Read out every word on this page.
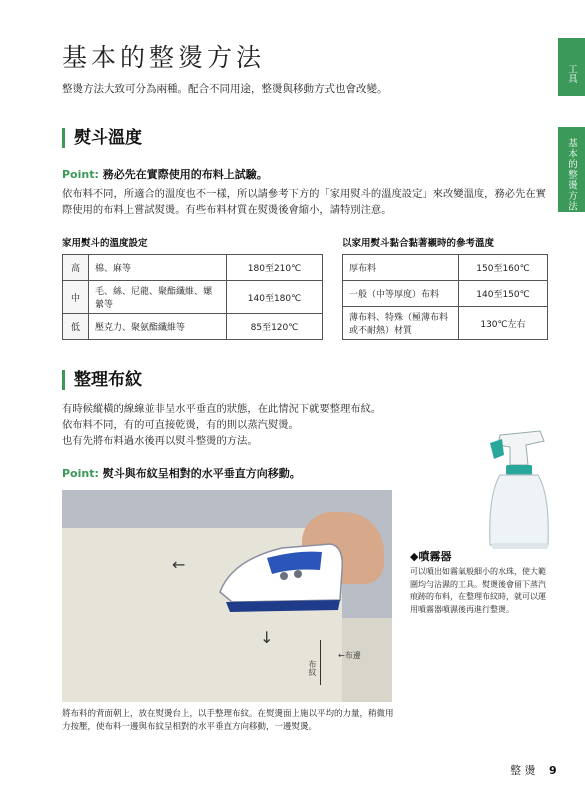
基本的整燙方法
整燙方法大致可分為兩種。配合不同用途，整燙與移動方式也會改變。
工具
基本的整燙方法
熨斗溫度
Point: 務必先在實際使用的布料上試驗。
依布料不同，所適合的溫度也不一樣，所以請參考下方的「家用熨斗的溫度設定」來改變溫度，務必先在實際使用的布料上嘗試熨燙。有些布料材質在熨燙後會縮小，請特別注意。
家用熨斗的溫度設定
高	棉、麻等	180至210℃
中	毛、絲、尼龍、聚酯纖維、嫘縈等	140至180℃
低	壓克力、聚氨酯纖維等	85至120℃
以家用熨斗黏合黏著襯時的參考溫度
厚布料	150至160℃
一般（中等厚度）布料	140至150℃
薄布料、特殊（極薄布料或不耐熱）材質	130℃左右
整理布紋
有時候縱橫的線線並非呈水平垂直的狀態，在此情況下就要整理布紋。
依布料不同，有的可直接乾燙，有的則以蒸汽熨燙。
也有先將布料過水後再以熨斗整燙的方法。
Point: 熨斗與布紋呈相對的水平垂直方向移動。
←
↓
布紋
←布邊
將布料的背面朝上，放在熨燙台上，以手整理布紋。在熨燙面上施以平均的力量，稍微用力按壓，使布料一邊與布紋呈相對的水平垂直方向移動，一邊熨燙。
◆噴霧器
可以噴出如霧氣般細小的水珠，使大範圍均勻沾濕的工具。熨燙後會留下蒸汽痕跡的布料，在整理布紋時，就可以運用噴霧器噴濕後再進行整燙。
整 燙 9
